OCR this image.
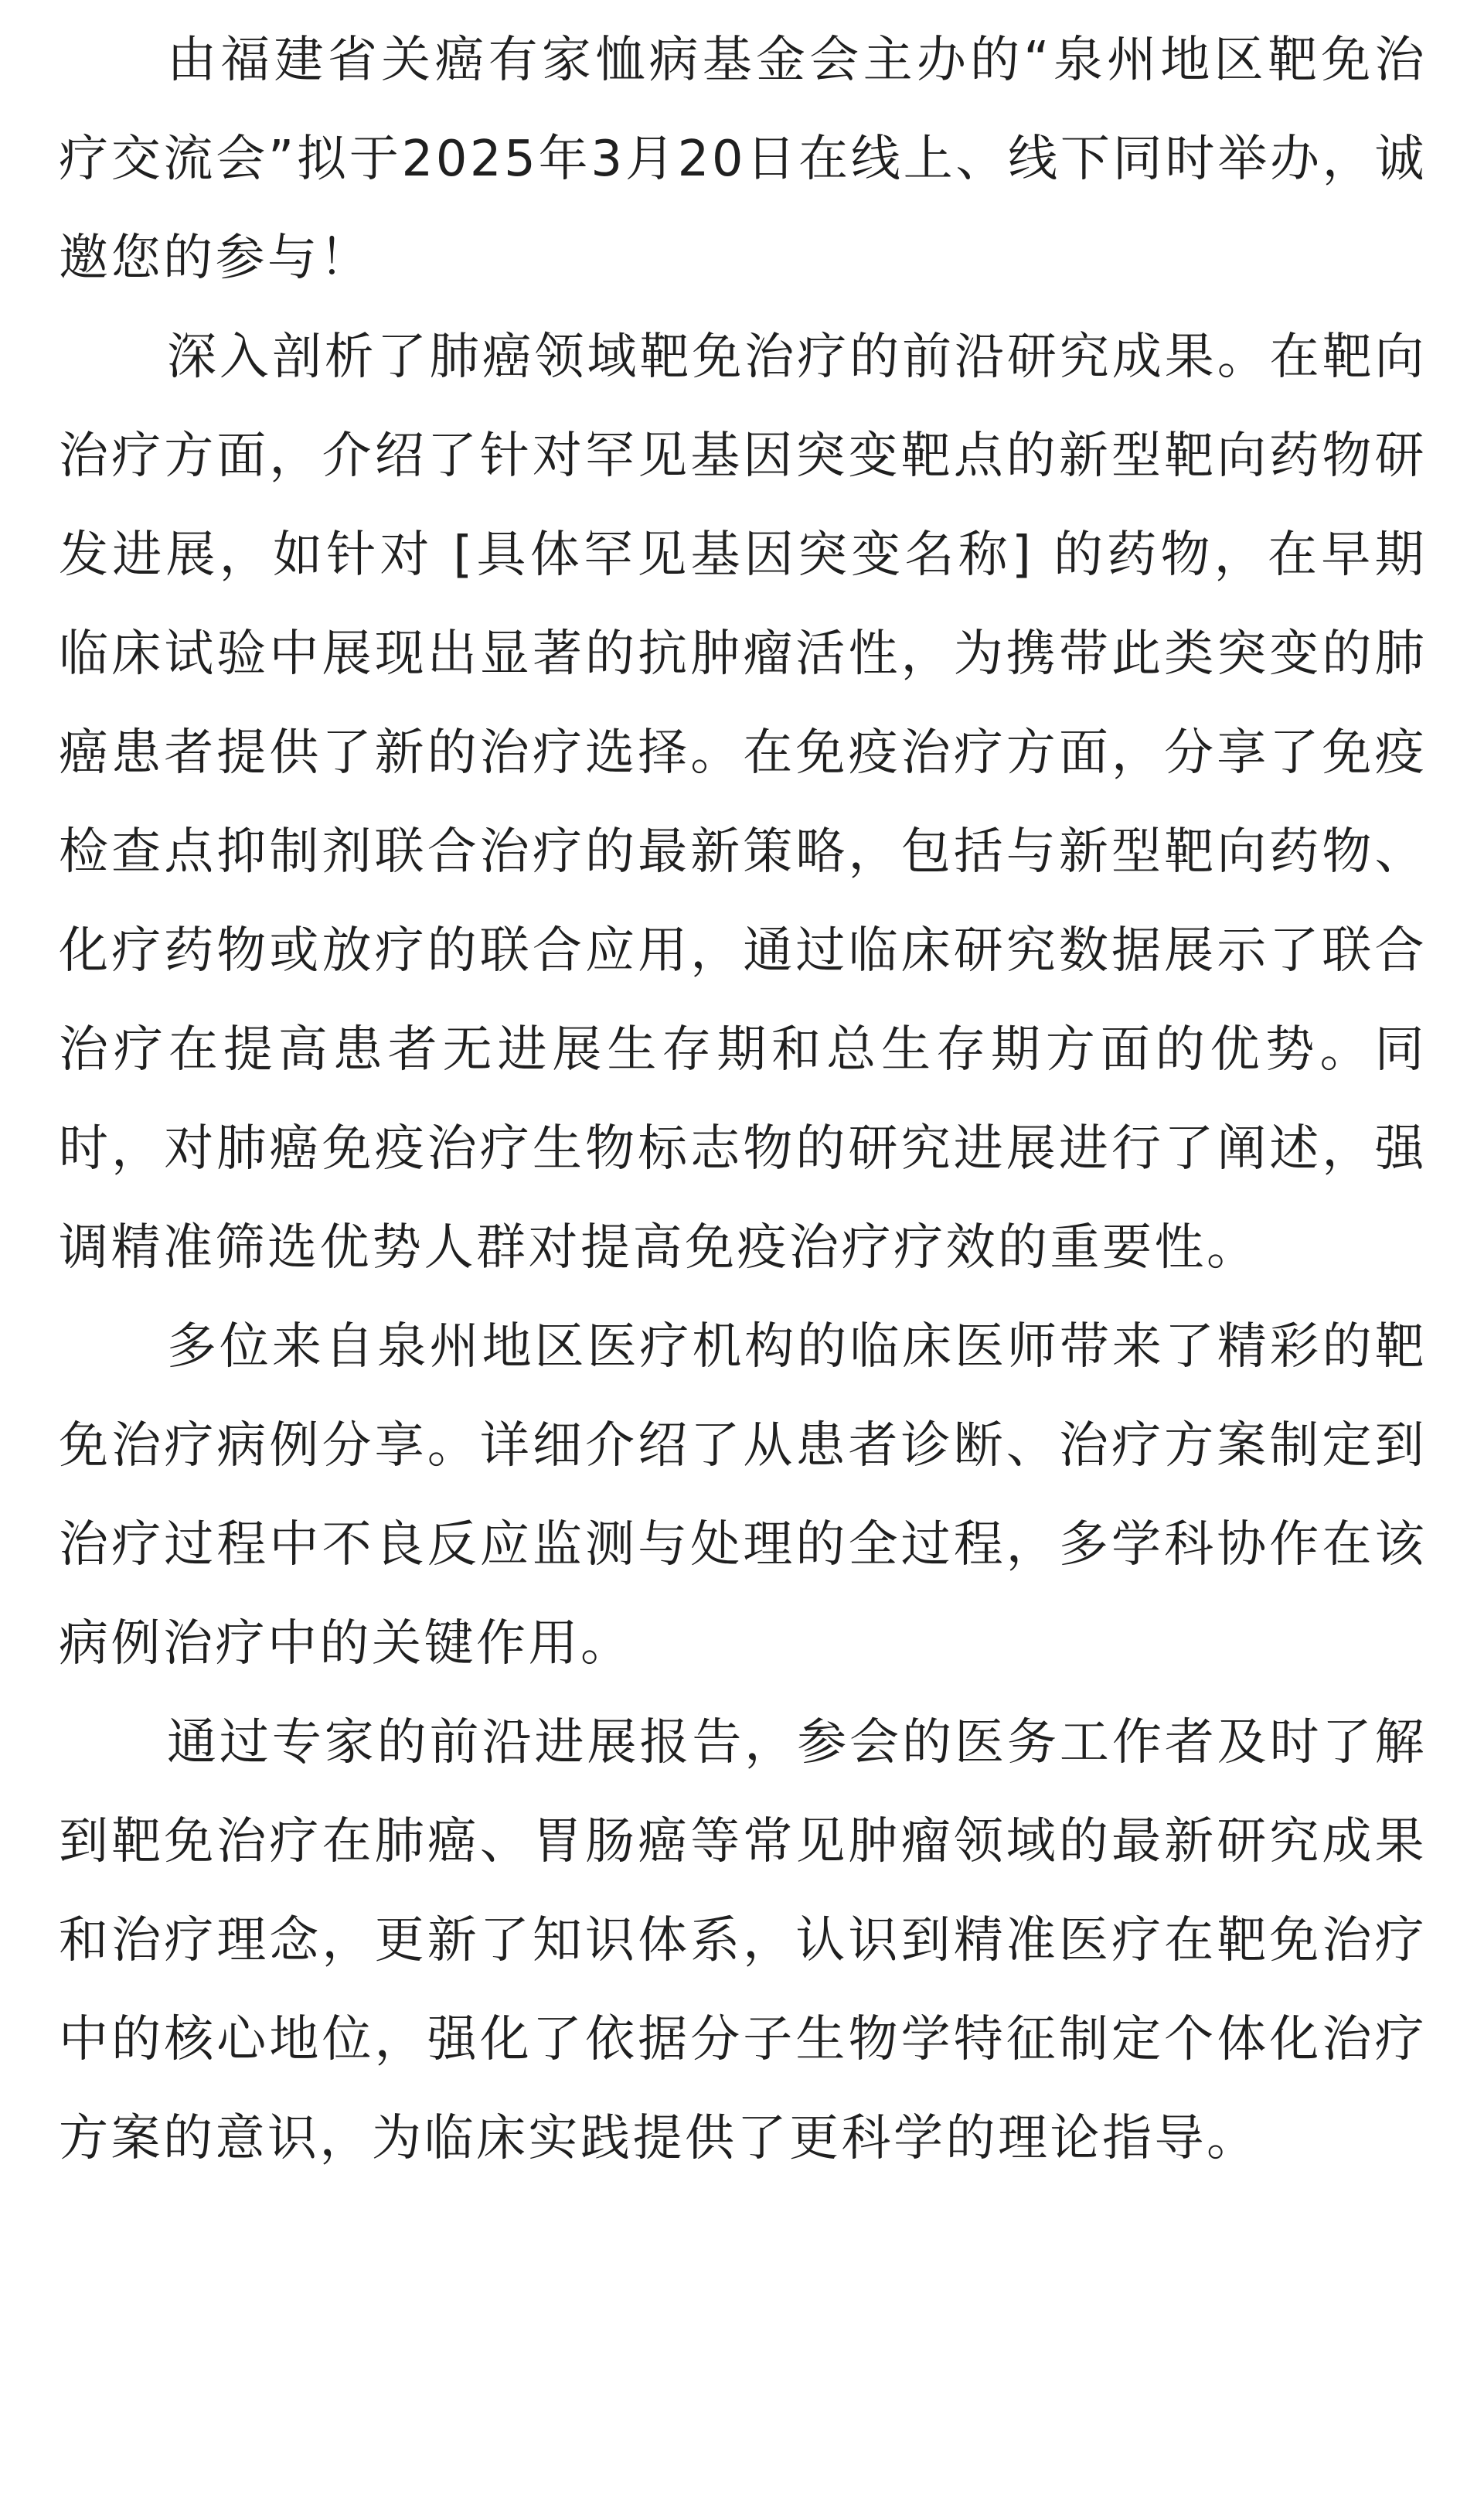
由福建省关癌有家恤病基金会主办的“泉州地区靶免治疗交流会”拟于2025年3月20日在线上、线下同时举办，诚邀您的参与！

深入剖析了肺癌领域靶免治疗的前沿研究成果。在靶向治疗方面，介绍了针对罕见基因突变靶点的新型靶向药物研发进展，如针对 [具体罕见基因突变名称] 的药物，在早期临床试验中展现出显著的抗肿瘤活性，为携带此类突变的肺癌患者提供了新的治疗选择。在免疫治疗方面，分享了免疫检查点抑制剂联合治疗的最新策略，包括与新型靶向药物、化疗药物或放疗的联合应用，通过临床研究数据展示了联合治疗在提高患者无进展生存期和总生存期方面的优势。同时，对肺癌免疫治疗生物标志物的研究进展进行了阐述，强调精准筛选优势人群对提高免疫治疗疗效的重要性。

多位来自泉州地区医疗机构的临床医师带来了精彩的靶免治疗病例分享。详细介绍了从患者诊断、治疗方案制定到治疗过程中不良反应监测与处理的全过程，多学科协作在该病例治疗中的关键作用。

通过专家的前沿进展报告，参会的医务工作者及时了解到靶免治疗在肺癌、胃肠癌等常见肿瘤领域的最新研究成果和治疗理念，更新了知识体系，认识到精准医疗在靶免治疗中的核心地位，强化了依据分子生物学特征制定个体化治疗方案的意识，为临床实践提供了更科学的理论指导。
